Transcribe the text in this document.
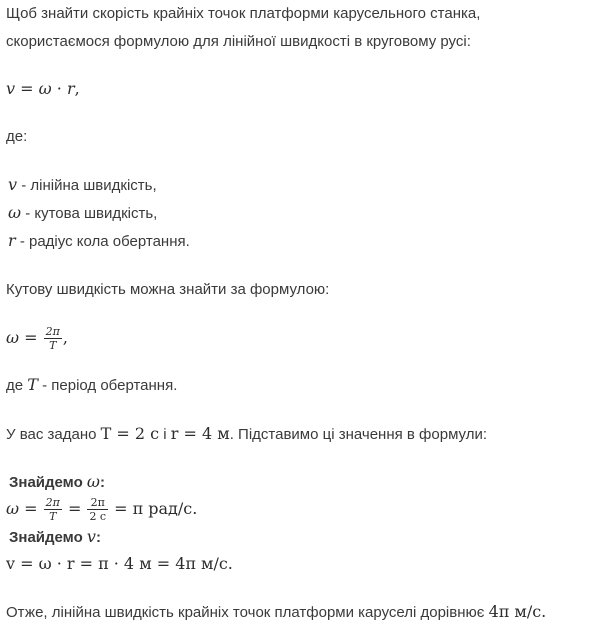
Щоб знайти скорість крайніх точок платформи карусельного станка,
скористаємося формулою для лінійної швидкості в круговому русі:
v = ω · r,
де:
v - лінійна швидкість,
ω - кутова швидкість,
r - радіус кола обертання.
Кутову швидкість можна знайти за формулою:
$\omega = \frac{2\pi}{T}$ ,
де T - період обертання.
У вас задано T = 2 с і r = 4 м. Підставимо ці значення в формули:
Знайдемо ω:
$\omega = \frac{2\pi}{T} = \frac{2\pi}{2 с} = \pi$ рад/с.
Знайдемо v:
v = ω · r = π · 4 м = 4π м/с.
Отже, лінійна швидкість крайніх точок платформи каруселі дорівнює 4π м/с.
